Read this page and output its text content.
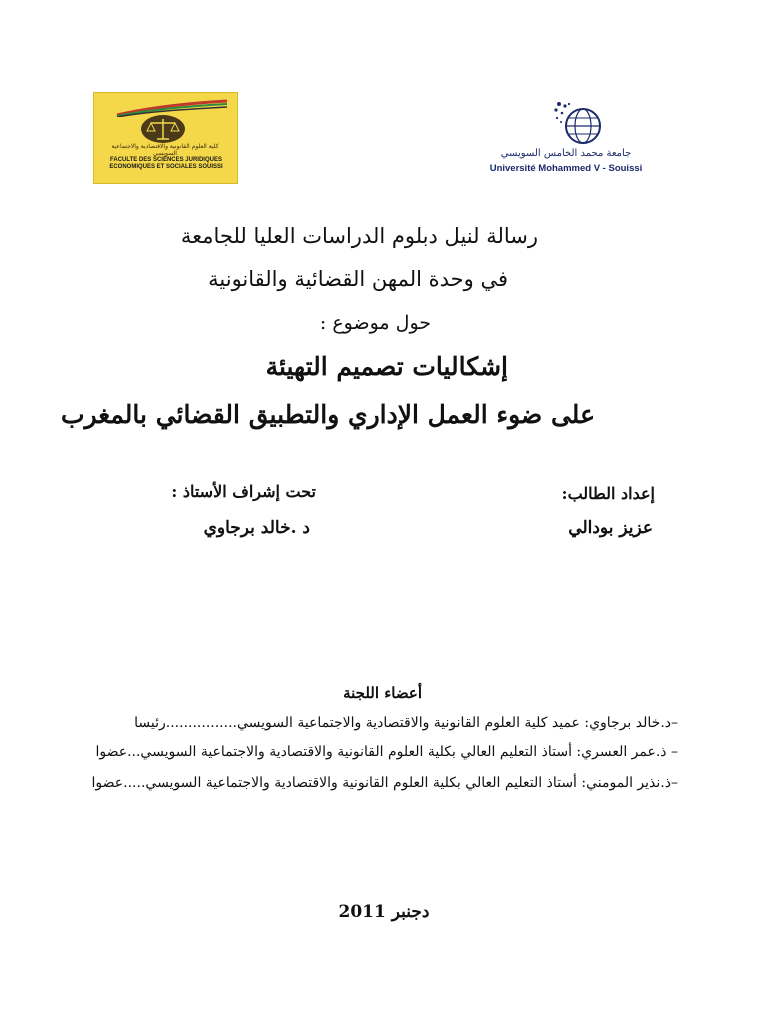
كلية العلوم القانونية والاقتصادية والاجتماعية السويسي
FACULTE DES SCIENCES JURIDIQUES ECONOMIQUES ET SOCIALES SOUISSI
جامعة محمد الخامس السويسي
Université Mohammed V - Souissi
رسالة لنيل دبلوم الدراسات العليا للجامعة
في وحدة المهن القضائية والقانونية
حول موضوع :
إشكاليات تصميم التهيئة
على ضوء العمل الإداري والتطبيق القضائي بالمغرب
إعداد الطالب:
تحت إشراف الأستاذ :
عزيز بودالي
د .خالد برجاوي
أعضاء اللجنة
–د.خالد برجاوي: عميد كلية العلوم القانونية والاقتصادية والاجتماعية السويسي................رئيسا
– ذ.عمر العسري: أستاذ التعليم العالي بكلية العلوم القانونية والاقتصادية والاجتماعية السويسي...عضوا
–ذ.نذير المومني: أستاذ التعليم العالي بكلية العلوم القانونية والاقتصادية والاجتماعية السويسي.....عضوا
دجنبر 2011
